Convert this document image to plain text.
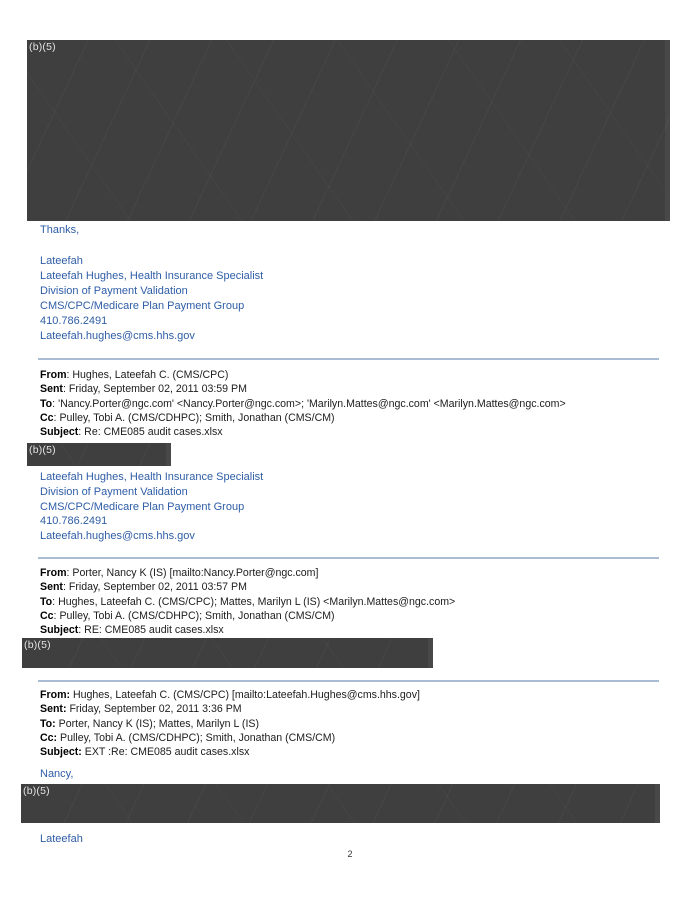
(b)(5)
Thanks,
Lateefah
Lateefah Hughes, Health Insurance Specialist
Division of Payment Validation
CMS/CPC/Medicare Plan Payment Group
410.786.2491
Lateefah.hughes@cms.hhs.gov
From: Hughes, Lateefah C. (CMS/CPC)
Sent: Friday, September 02, 2011 03:59 PM
To: 'Nancy.Porter@ngc.com' <Nancy.Porter@ngc.com>; 'Marilyn.Mattes@ngc.com' <Marilyn.Mattes@ngc.com>
Cc: Pulley, Tobi A. (CMS/CDHPC); Smith, Jonathan (CMS/CM)
Subject: Re: CME085 audit cases.xlsx
(b)(5)
Lateefah Hughes, Health Insurance Specialist
Division of Payment Validation
CMS/CPC/Medicare Plan Payment Group
410.786.2491
Lateefah.hughes@cms.hhs.gov
From: Porter, Nancy K (IS) [mailto:Nancy.Porter@ngc.com]
Sent: Friday, September 02, 2011 03:57 PM
To: Hughes, Lateefah C. (CMS/CPC); Mattes, Marilyn L (IS) <Marilyn.Mattes@ngc.com>
Cc: Pulley, Tobi A. (CMS/CDHPC); Smith, Jonathan (CMS/CM)
Subject: RE: CME085 audit cases.xlsx
(b)(5)
From: Hughes, Lateefah C. (CMS/CPC) [mailto:Lateefah.Hughes@cms.hhs.gov]
Sent: Friday, September 02, 2011 3:36 PM
To: Porter, Nancy K (IS); Mattes, Marilyn L (IS)
Cc: Pulley, Tobi A. (CMS/CDHPC); Smith, Jonathan (CMS/CM)
Subject: EXT :Re: CME085 audit cases.xlsx
Nancy,
(b)(5)
Lateefah
2
